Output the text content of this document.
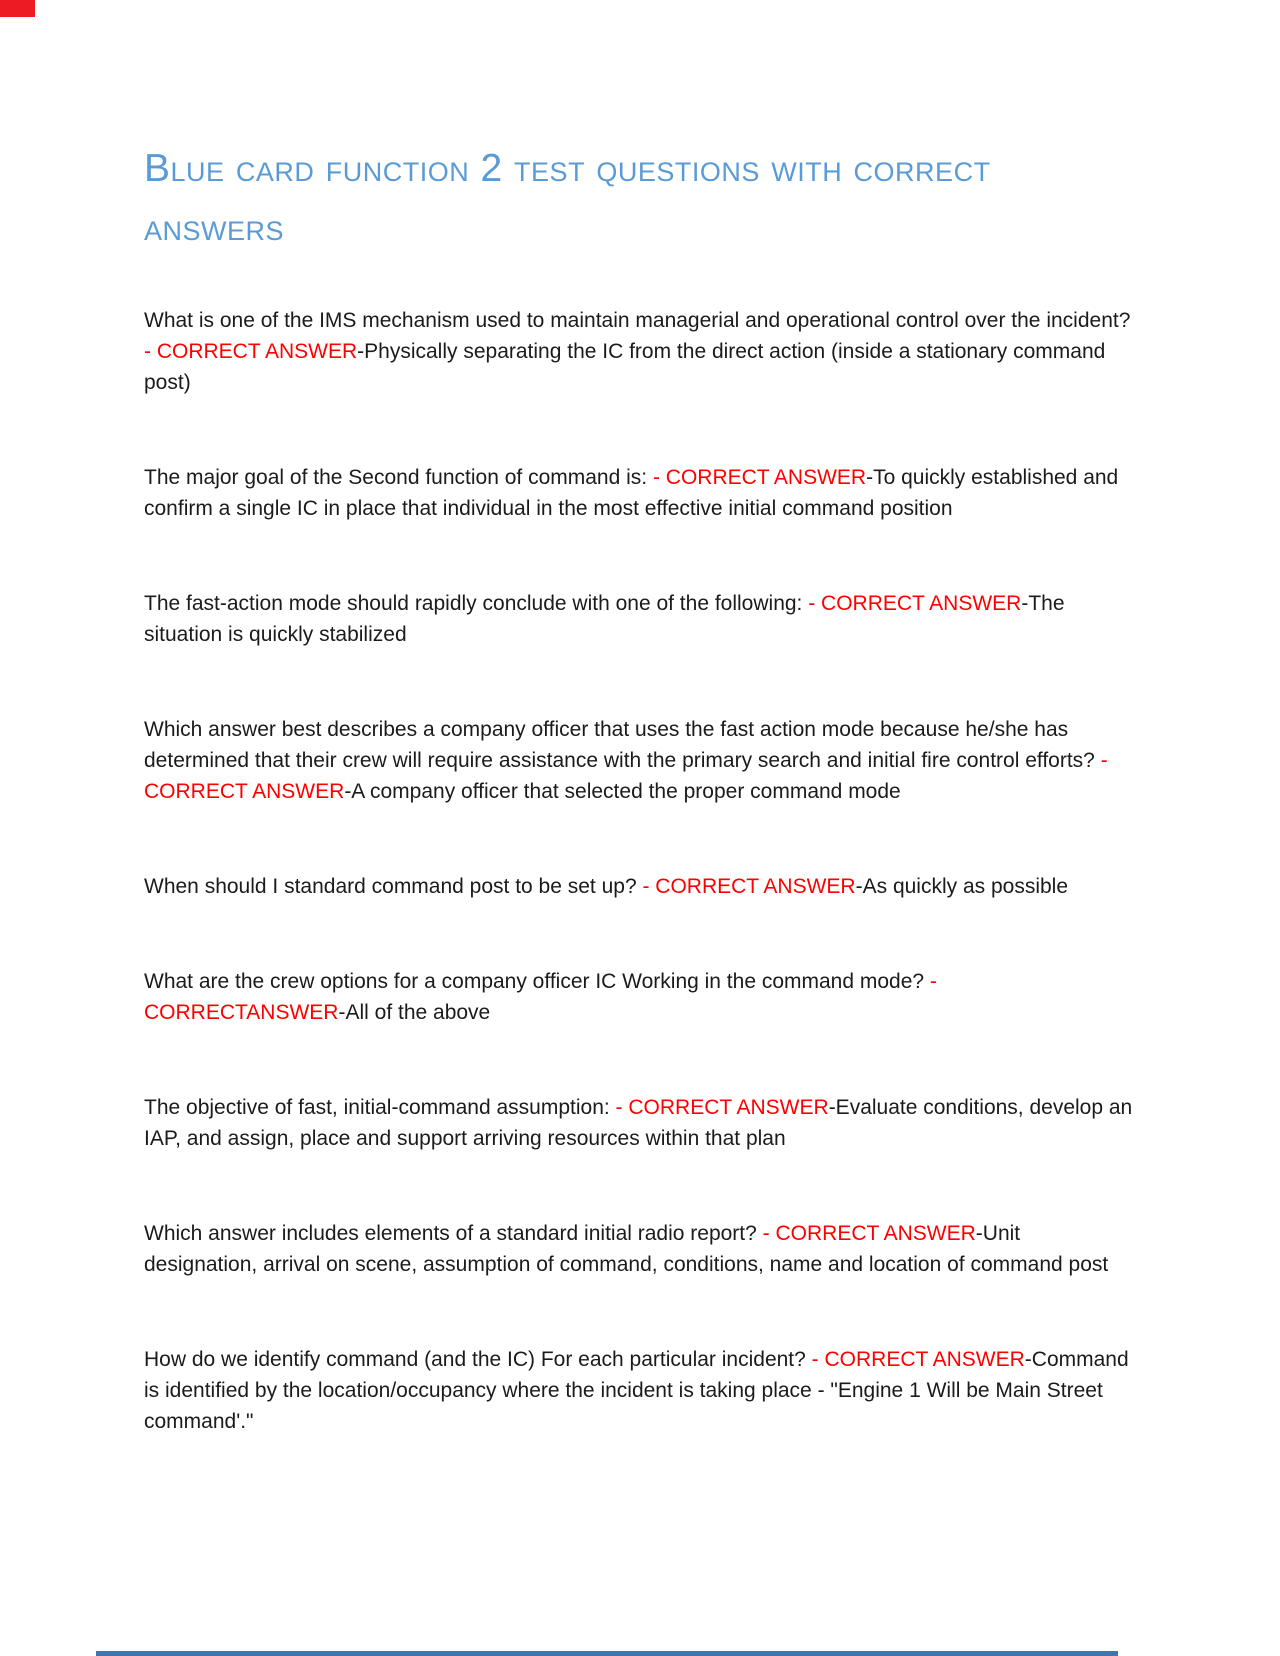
Blue card function 2 test questions with correct answers

What is one of the IMS mechanism used to maintain managerial and operational control over the incident? - CORRECT ANSWER-Physically separating the IC from the direct action (inside a stationary command post)

The major goal of the Second function of command is: - CORRECT ANSWER-To quickly established and confirm a single IC in place that individual in the most effective initial command position

The fast-action mode should rapidly conclude with one of the following: - CORRECT ANSWER-The situation is quickly stabilized

Which answer best describes a company officer that uses the fast action mode because he/she has determined that their crew will require assistance with the primary search and initial fire control efforts? - CORRECT ANSWER-A company officer that selected the proper command mode

When should I standard command post to be set up? - CORRECT ANSWER-As quickly as possible

What are the crew options for a company officer IC Working in the command mode? - CORRECTANSWER-All of the above

The objective of fast, initial-command assumption: - CORRECT ANSWER-Evaluate conditions, develop an IAP, and assign, place and support arriving resources within that plan

Which answer includes elements of a standard initial radio report? - CORRECT ANSWER-Unit designation, arrival on scene, assumption of command, conditions, name and location of command post

How do we identify command (and the IC) For each particular incident? - CORRECT ANSWER-Command is identified by the location/occupancy where the incident is taking place - "Engine 1 Will be Main Street command'."
